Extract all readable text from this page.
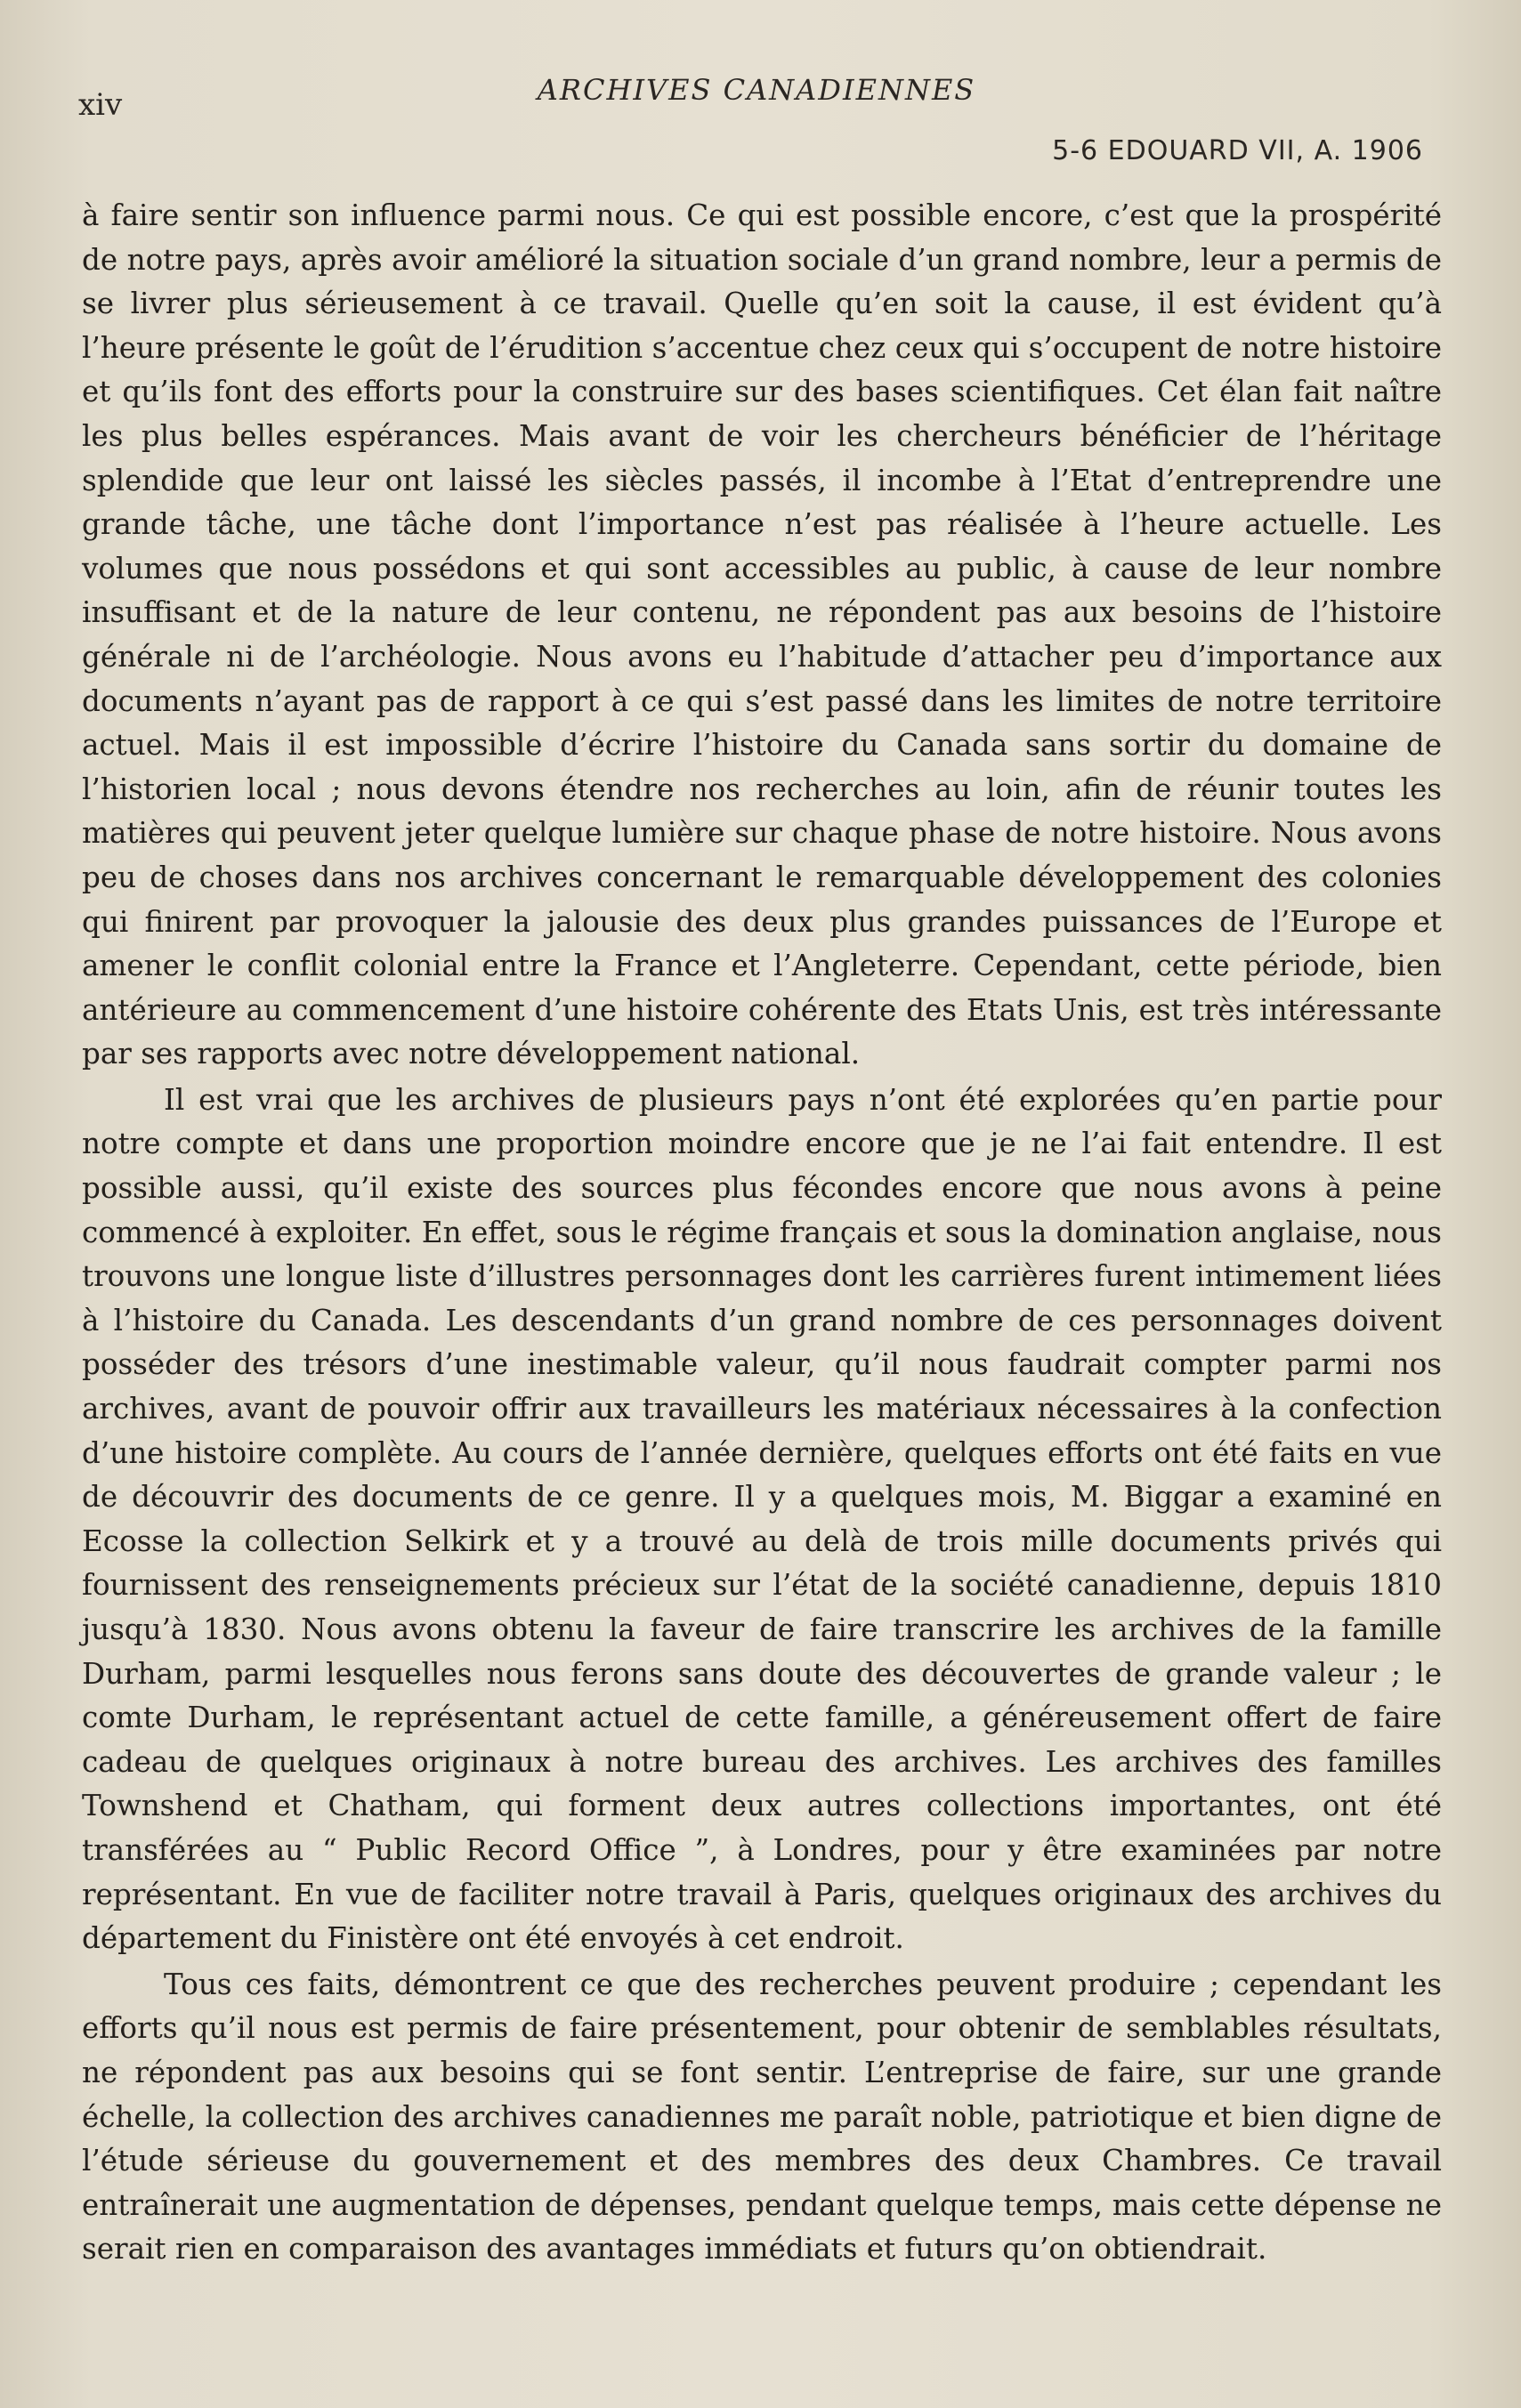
xiv	ARCHIVES CANADIENNES
5-6 EDOUARD VII, A. 1906

à faire sentir son influence parmi nous. Ce qui est possible encore, c’est que la prospérité de notre pays, après avoir amélioré la situation sociale d’un grand nombre, leur a permis de se livrer plus sérieusement à ce travail. Quelle qu’en soit la cause, il est évident qu’à l’heure présente le goût de l’érudition s’accentue chez ceux qui s’occupent de notre histoire et qu’ils font des efforts pour la construire sur des bases scientifiques. Cet élan fait naître les plus belles espérances. Mais avant de voir les chercheurs bénéficier de l’héritage splendide que leur ont laissé les siècles passés, il incombe à l’Etat d’entreprendre une grande tâche, une tâche dont l’importance n’est pas réalisée à l’heure actuelle. Les volumes que nous possédons et qui sont accessibles au public, à cause de leur nombre insuffisant et de la nature de leur contenu, ne répondent pas aux besoins de l’histoire générale ni de l’archéologie. Nous avons eu l’habitude d’attacher peu d’importance aux documents n’ayant pas de rapport à ce qui s’est passé dans les limites de notre territoire actuel. Mais il est impossible d’écrire l’histoire du Canada sans sortir du domaine de l’historien local ; nous devons étendre nos recherches au loin, afin de réunir toutes les matières qui peuvent jeter quelque lumière sur chaque phase de notre histoire. Nous avons peu de choses dans nos archives concernant le remarquable développement des colonies qui finirent par provoquer la jalousie des deux plus grandes puissances de l’Europe et amener le conflit colonial entre la France et l’Angleterre. Cependant, cette période, bien antérieure au commencement d’une histoire cohérente des Etats Unis, est très intéressante par ses rapports avec notre développement national.

Il est vrai que les archives de plusieurs pays n’ont été explorées qu’en partie pour notre compte et dans une proportion moindre encore que je ne l’ai fait entendre. Il est possible aussi, qu’il existe des sources plus fécondes encore que nous avons à peine commencé à exploiter. En effet, sous le régime français et sous la domination anglaise, nous trouvons une longue liste d’illustres personnages dont les carrières furent intimement liées à l’histoire du Canada. Les descendants d’un grand nombre de ces personnages doivent posséder des trésors d’une inestimable valeur, qu’il nous faudrait compter parmi nos archives, avant de pouvoir offrir aux travailleurs les matériaux nécessaires à la confection d’une histoire complète. Au cours de l’année dernière, quelques efforts ont été faits en vue de découvrir des documents de ce genre. Il y a quelques mois, M. Biggar a examiné en Ecosse la collection Selkirk et y a trouvé au delà de trois mille documents privés qui fournissent des renseignements précieux sur l’état de la société canadienne, depuis 1810 jusqu’à 1830. Nous avons obtenu la faveur de faire transcrire les archives de la famille Durham, parmi lesquelles nous ferons sans doute des découvertes de grande valeur ; le comte Durham, le représentant actuel de cette famille, a généreusement offert de faire cadeau de quelques originaux à notre bureau des archives. Les archives des familles Townshend et Chatham, qui forment deux autres collections importantes, ont été transférées au “ Public Record Office ”, à Londres, pour y être examinées par notre représentant. En vue de faciliter notre travail à Paris, quelques originaux des archives du département du Finistère ont été envoyés à cet endroit.

Tous ces faits, démontrent ce que des recherches peuvent produire ; cependant les efforts qu’il nous est permis de faire présentement, pour obtenir de semblables résultats, ne répondent pas aux besoins qui se font sentir. L’entreprise de faire, sur une grande échelle, la collection des archives canadiennes me paraît noble, patriotique et bien digne de l’étude sérieuse du gouvernement et des membres des deux Chambres. Ce travail entraînerait une augmentation de dépenses, pendant quelque temps, mais cette dépense ne serait rien en comparaison des avantages immédiats et futurs qu’on obtiendrait.
